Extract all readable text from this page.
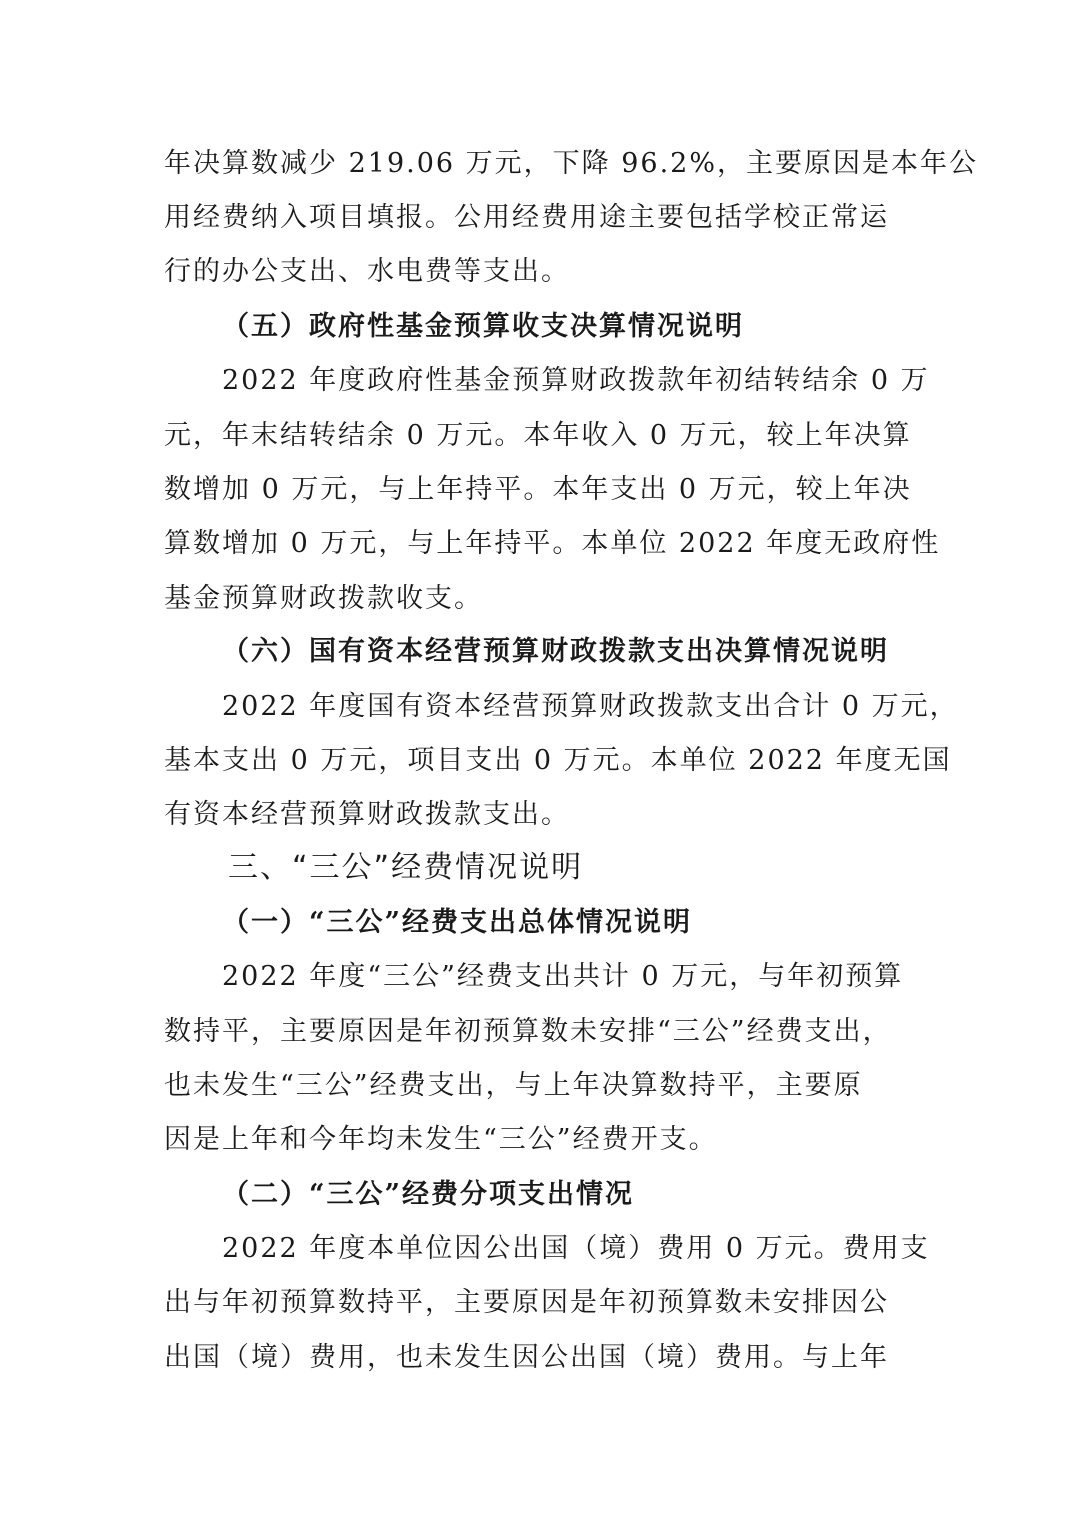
年决算数减少 219.06 万元，下降 96.2%，主要原因是本年公
用经费纳入项目填报。公用经费用途主要包括学校正常运
行的办公支出、水电费等支出。
（五）政府性基金预算收支决算情况说明
2022 年度政府性基金预算财政拨款年初结转结余 0 万
元，年末结转结余 0 万元。本年收入 0 万元，较上年决算
数增加 0 万元，与上年持平。本年支出 0 万元，较上年决
算数增加 0 万元，与上年持平。本单位 2022 年度无政府性
基金预算财政拨款收支。
（六）国有资本经营预算财政拨款支出决算情况说明
2022 年度国有资本经营预算财政拨款支出合计 0 万元，
基本支出 0 万元，项目支出 0 万元。本单位 2022 年度无国
有资本经营预算财政拨款支出。
三、“三公”经费情况说明
（一）“三公”经费支出总体情况说明
2022 年度“三公”经费支出共计 0 万元，与年初预算
数持平，主要原因是年初预算数未安排“三公”经费支出，
也未发生“三公”经费支出，与上年决算数持平，主要原
因是上年和今年均未发生“三公”经费开支。
（二）“三公”经费分项支出情况
2022 年度本单位因公出国（境）费用 0 万元。费用支
出与年初预算数持平，主要原因是年初预算数未安排因公
出国（境）费用，也未发生因公出国（境）费用。与上年
